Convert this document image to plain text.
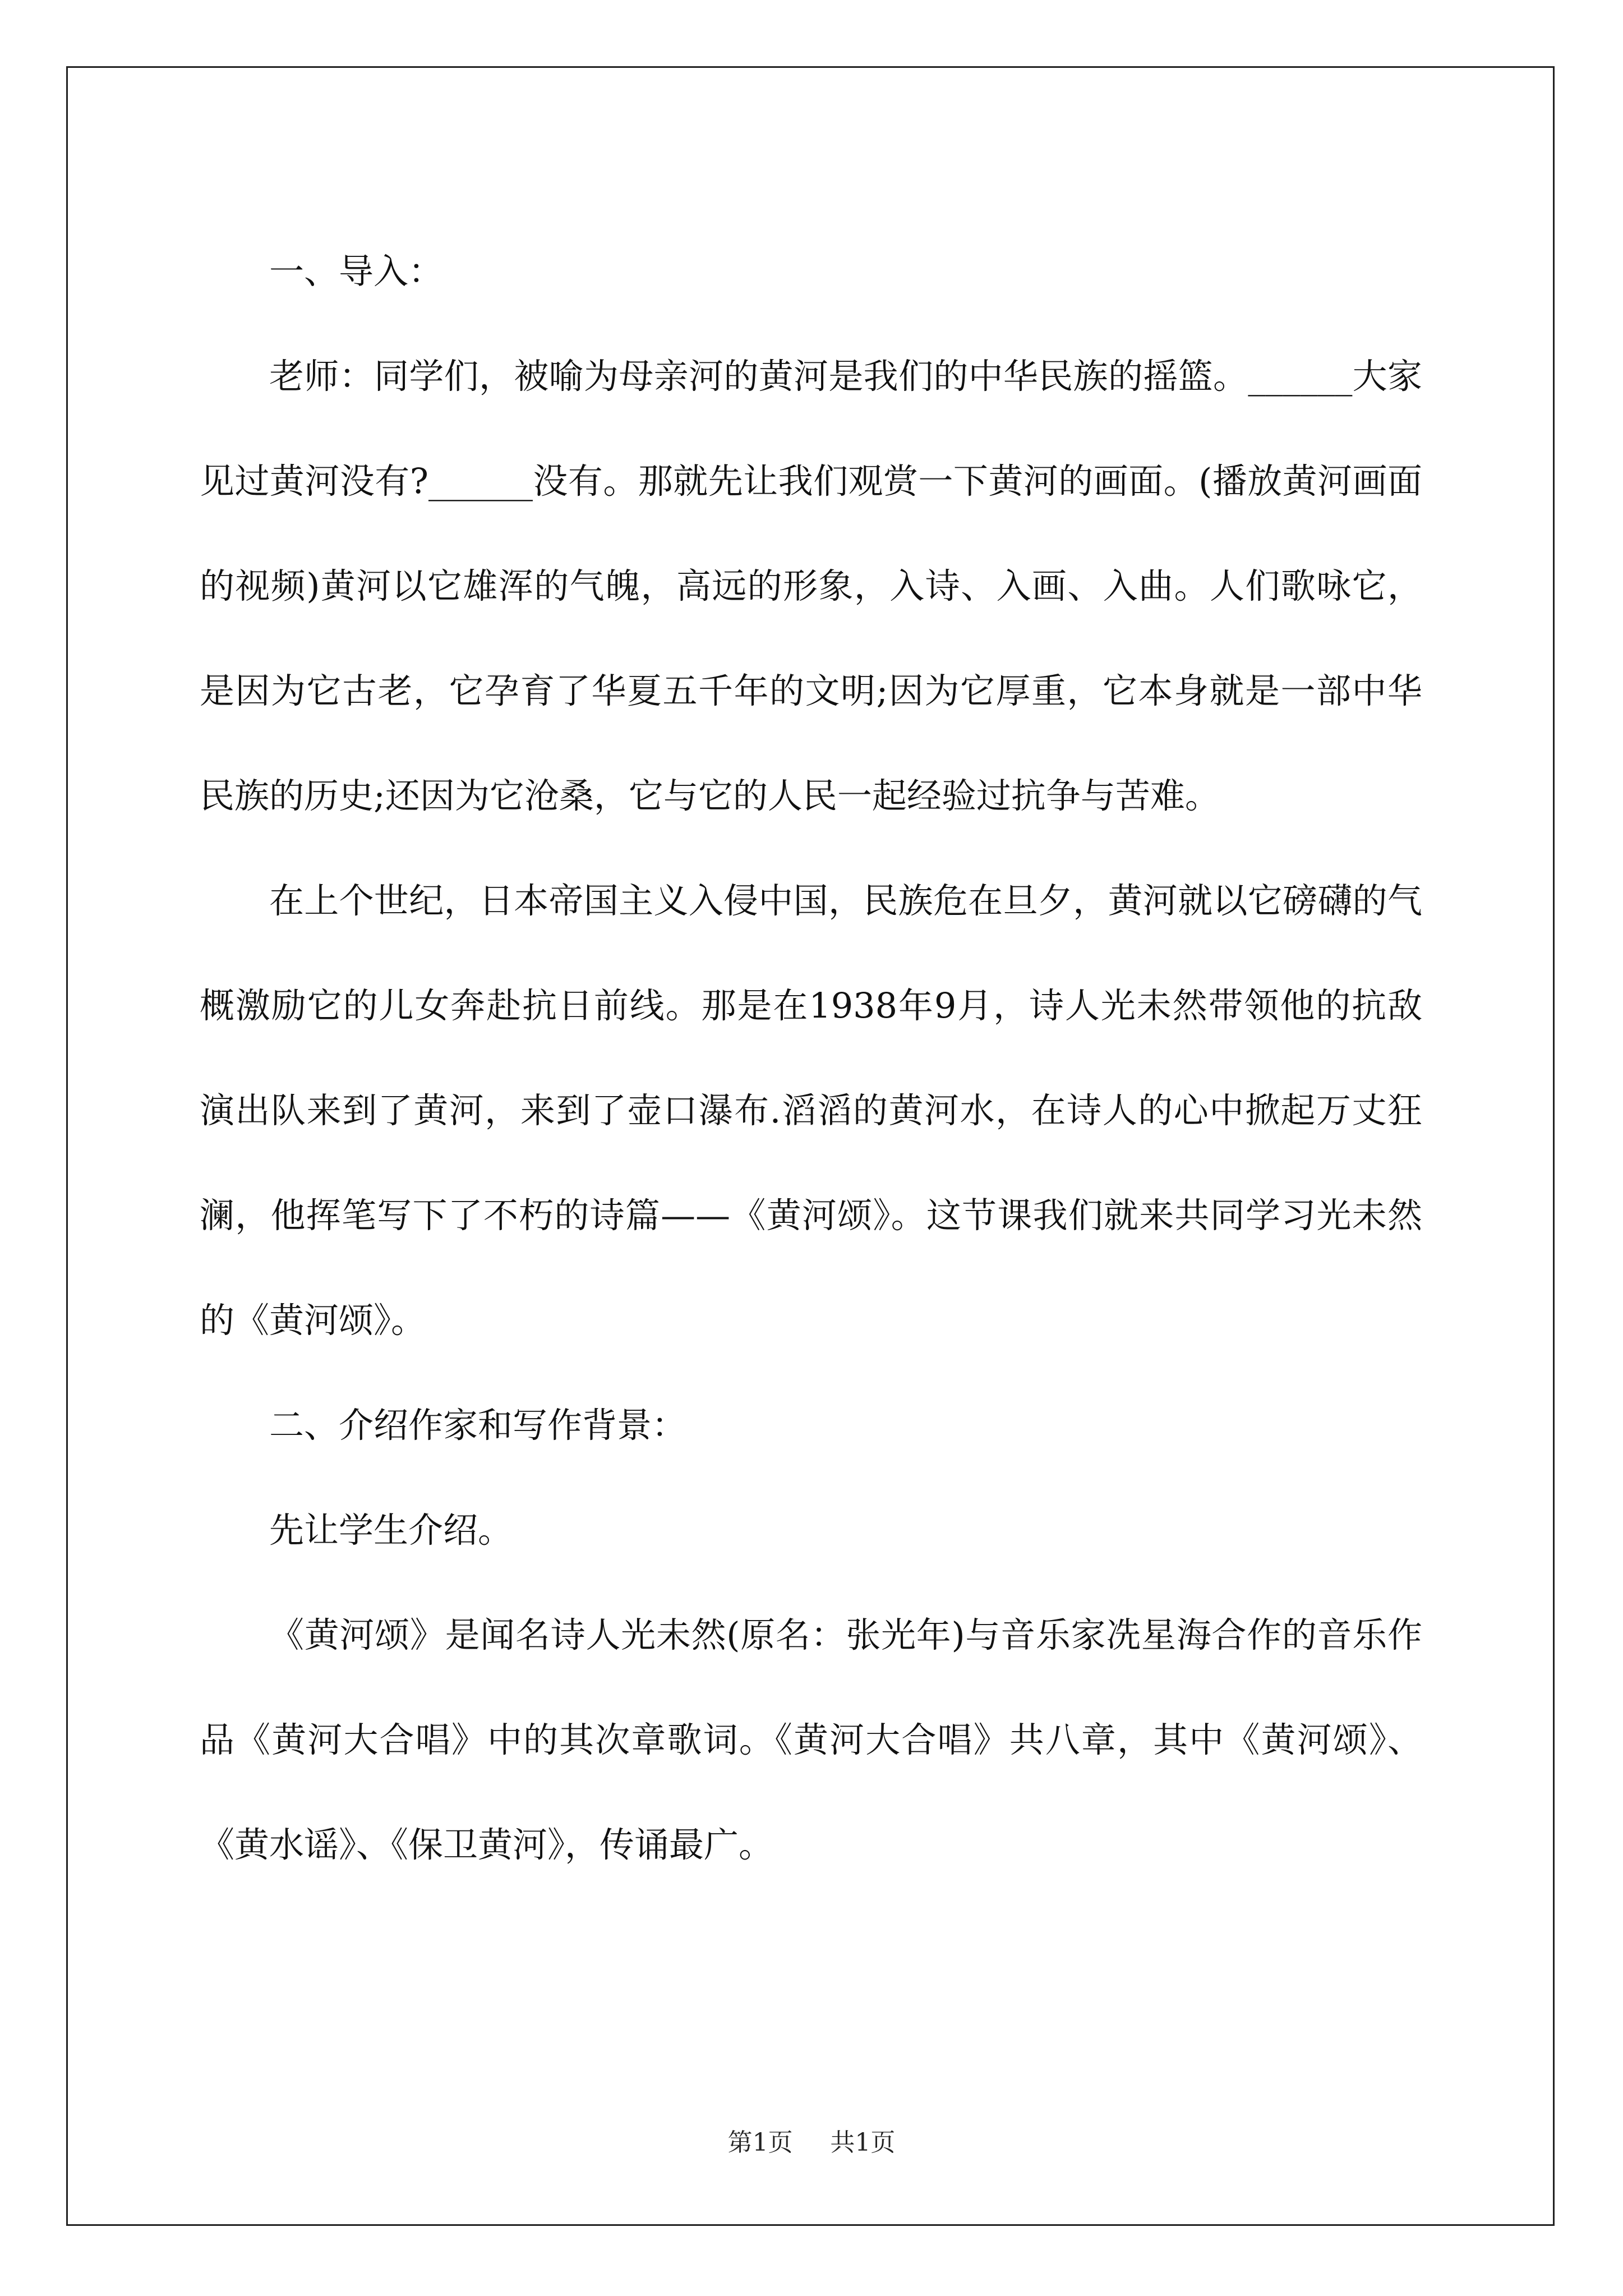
一、导入：

老师：同学们，被喻为母亲河的黄河是我们的中华民族的摇篮。______大家见过黄河没有?______没有。那就先让我们观赏一下黄河的画面。(播放黄河画面的视频)黄河以它雄浑的气魄，高远的形象，入诗、入画、入曲。人们歌咏它，是因为它古老，它孕育了华夏五千年的文明;因为它厚重，它本身就是一部中华民族的历史;还因为它沧桑，它与它的人民一起经验过抗争与苦难。

在上个世纪，日本帝国主义入侵中国，民族危在旦夕，黄河就以它磅礴的气概激励它的儿女奔赴抗日前线。那是在1938年9月，诗人光未然带领他的抗敌演出队来到了黄河，来到了壶口瀑布.滔滔的黄河水，在诗人的心中掀起万丈狂澜，他挥笔写下了不朽的诗篇——《黄河颂》。这节课我们就来共同学习光未然的《黄河颂》。

二、介绍作家和写作背景：

先让学生介绍。

《黄河颂》是闻名诗人光未然(原名：张光年)与音乐家冼星海合作的音乐作品《黄河大合唱》中的其次章歌词。《黄河大合唱》共八章，其中《黄河颂》、《黄水谣》、《保卫黄河》，传诵最广。

第1页 共1页
